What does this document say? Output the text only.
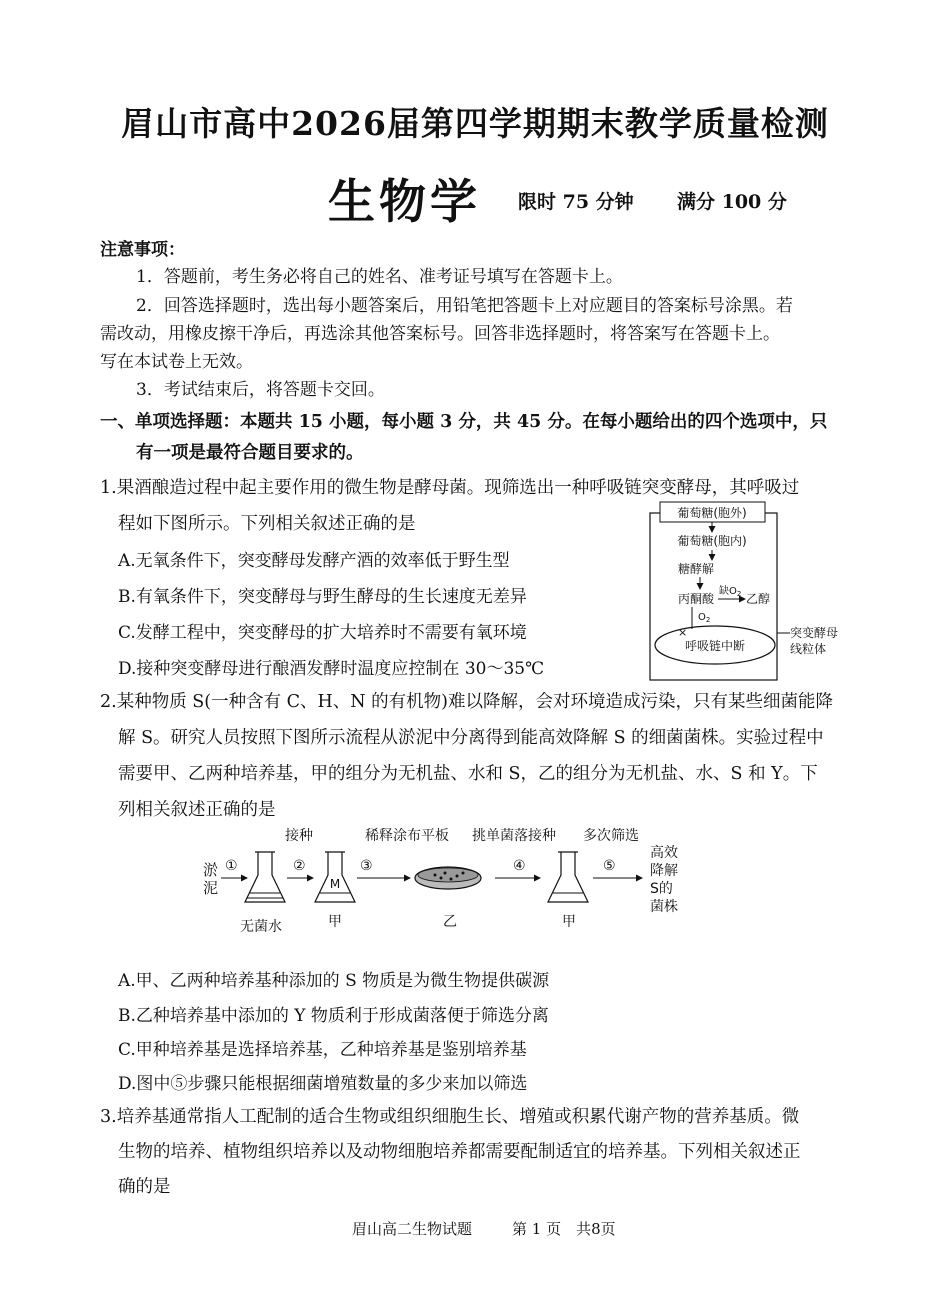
眉山市高中2026届第四学期期末教学质量检测
生物学 限时 75 分钟 满分 100 分
注意事项：
1．答题前，考生务必将自己的姓名、准考证号填写在答题卡上。
2．回答选择题时，选出每小题答案后，用铅笔把答题卡上对应题目的答案标号涂黑。若
需改动，用橡皮擦干净后，再选涂其他答案标号。回答非选择题时，将答案写在答题卡上。
写在本试卷上无效。
3．考试结束后，将答题卡交回。
一、单项选择题：本题共 15 小题，每小题 3 分，共 45 分。在每小题给出的四个选项中，只
有一项是最符合题目要求的。
1.果酒酿造过程中起主要作用的微生物是酵母菌。现筛选出一种呼吸链突变酵母，其呼吸过
程如下图所示。下列相关叙述正确的是
A.无氧条件下，突变酵母发酵产酒的效率低于野生型
B.有氧条件下，突变酵母与野生酵母的生长速度无差异
C.发酵工程中，突变酵母的扩大培养时不需要有氧环境
D.接种突变酵母进行酿酒发酵时温度应控制在 30～35℃
葡萄糖(胞外)
葡萄糖(胞内)
糖酵解
丙酮酸
缺$O_2$ 乙醇
$O_2$
×
呼吸链中断
突变酵母
线粒体
2.某种物质 S(一种含有 C、H、N 的有机物)难以降解，会对环境造成污染，只有某些细菌能降
解 S。研究人员按照下图所示流程从淤泥中分离得到能高效降解 S 的细菌菌株。实验过程中
需要甲、乙两种培养基，甲的组分为无机盐、水和 S，乙的组分为无机盐、水、S 和 Y。下
列相关叙述正确的是
淤
泥
①
无菌水
接种
②
M
甲
稀释涂布平板
③
乙
挑单菌落接种
④
甲
多次筛选
⑤
高效
降解
S的
菌株
A.甲、乙两种培养基种添加的 S 物质是为微生物提供碳源
B.乙种培养基中添加的 Y 物质利于形成菌落便于筛选分离
C.甲种培养基是选择培养基，乙种培养基是鉴别培养基
D.图中⑤步骤只能根据细菌增殖数量的多少来加以筛选
3.培养基通常指人工配制的适合生物或组织细胞生长、增殖或积累代谢产物的营养基质。微
生物的培养、植物组织培养以及动物细胞培养都需要配制适宜的培养基。下列相关叙述正
确的是
眉山高二生物试题	第 1 页　共8页
